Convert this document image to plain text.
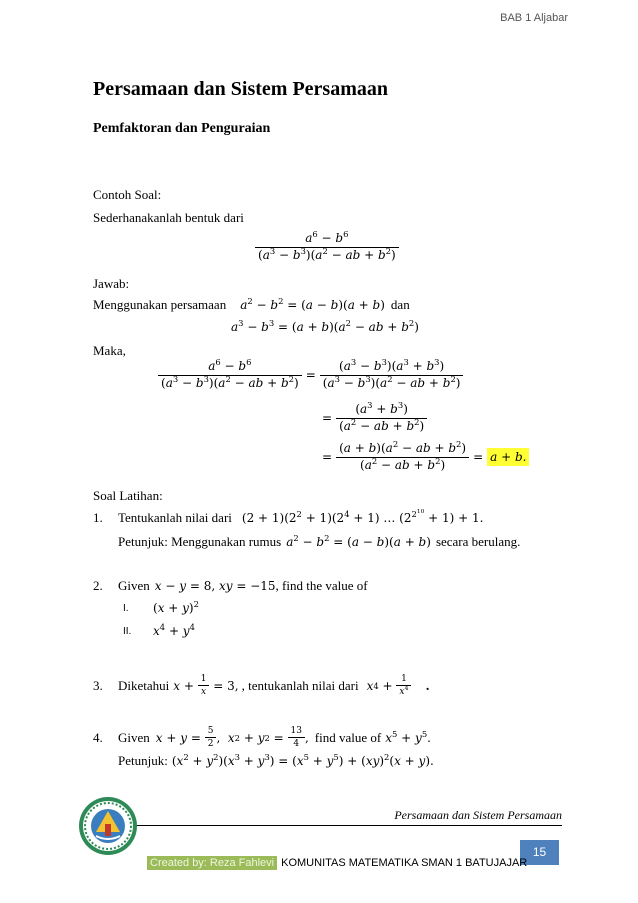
BAB 1 Aljabar
Persamaan dan Sistem Persamaan
Pemfaktoran dan Penguraian
Contoh Soal:
Sederhanakanlah bentuk dari
$\frac{a^6 - b^6}{(a^3 - b^3)(a^2 - ab + b^2)}$
Jawab:
Menggunakan persamaan $a^2 - b^2 = (a - b)(a + b)$ dan
$a^3 - b^3 = (a + b)(a^2$ − ab + $b^2$)
Maka,
$\frac{a^6 - b^6}{(a^3 - b^3)(a^2 - ab + b^2)} = \frac{(a^3 - b^3)(a^3 + b^3)}{(a^3 - b^3)(a^2 - ab + b^2)}$
= $\frac{(a^3 + b^3)}{(a^2 - ab + b^2)}$
= $\frac{(a + b)(a^2 - ab + b^2)}{(a^2 - ab + b^2)} = a + b$.
Soal Latihan:
1.	Tentukanlah nilai dari $(2 + 1)(2^2 + 1)(2^4 + 1)$ … $(2^{2^{10}} + 1) + 1$.
Petunjuk: Menggunakan rumus $a^2 - b^2 = (a - b)(a + b)$ secara berulang.
2.	Given x − y = 8, xy = −15 , find the value of
I.	$(x + y)^2$
II.	$x^4 + y^4$
3.	Diketahui $x + \frac{1}{x}$
= 3, , tentukanlah nilai dari x $4 + \frac{1}{x^4}$ .
4.	Given $x + y = \frac{5}{2}$ , x 2 + y $2 = \frac{13}{4}$ , find value of $x^5 + y^5$.
Petunjuk: $(x^2 + y^2)(x^3 + y^3) = (x^5 + y^5) + (xy)^2(x + y)$.
Persamaan dan Sistem Persamaan
15
Created by: Reza Fahlevi KOMUNITAS MATEMATIKA SMAN 1 BATUJAJAR
